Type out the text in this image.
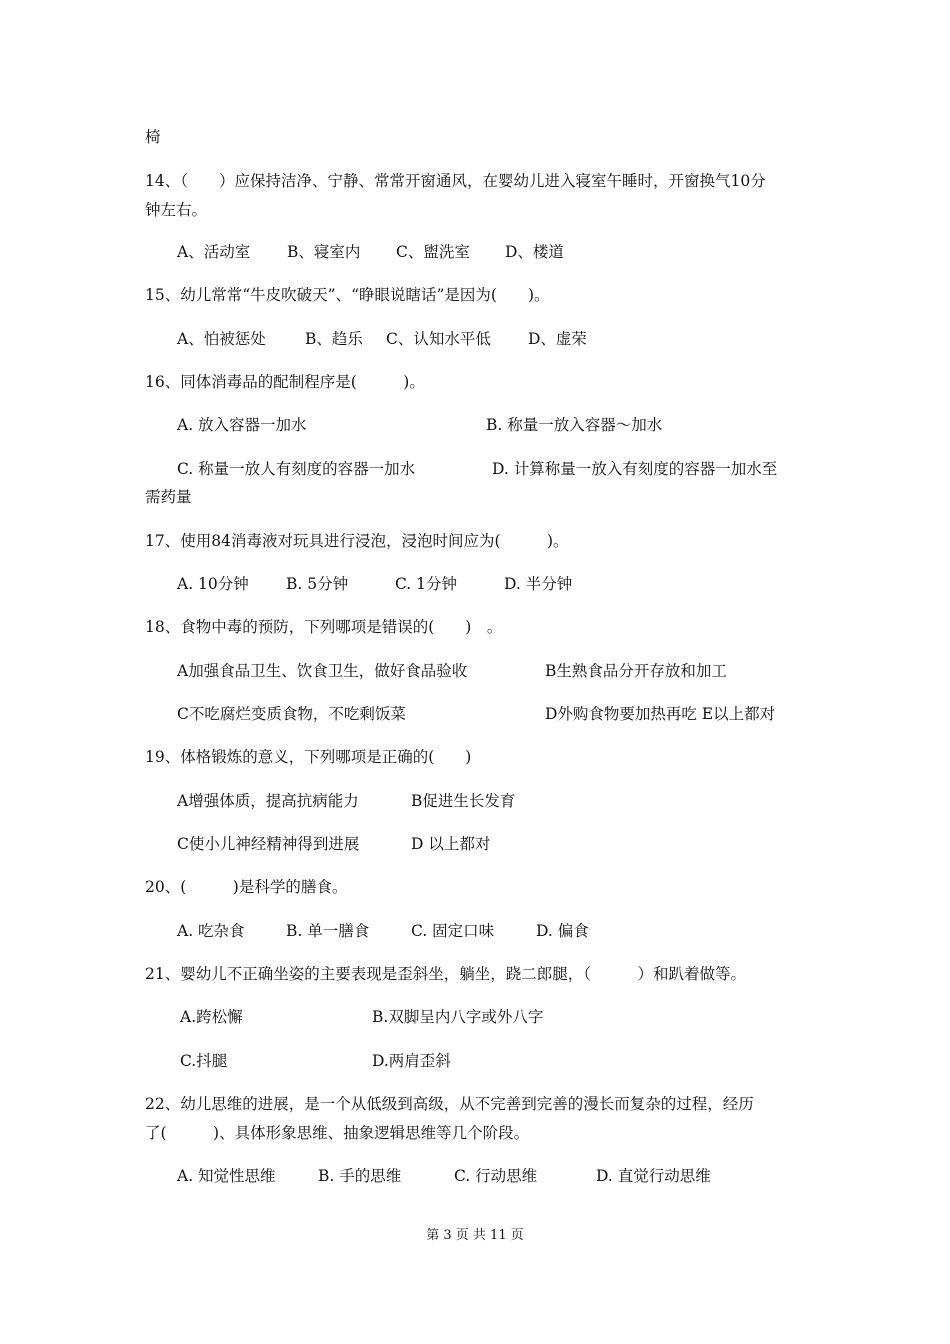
椅
14、（　　）应保持洁净、宁静、常常开窗通风，在婴幼儿进入寝室午睡时，开窗换气10分
钟左右。
A、活动室 B、寝室内 C、盥洗室 D、楼道
15、幼儿常常“牛皮吹破天”、“睁眼说瞎话”是因为(　　)。
A、怕被惩处	B、趋乐 C、认知水平低 D、虚荣
16、同体消毒品的配制程序是(　　　)。
A. 放入容器一加水	B. 称量一放入容器～加水
C. 称量一放人有刻度的容器一加水	D. 计算称量一放入有刻度的容器一加水至
需药量
17、使用84消毒液对玩具进行浸泡，浸泡时间应为(　　　)。
A. 10分钟 B. 5分钟	C. 1分钟	D. 半分钟
18、食物中毒的预防，下列哪项是错误的(　　)　。
A加强食品卫生、饮食卫生，做好食品验收	B生熟食品分开存放和加工
C不吃腐烂变质食物，不吃剩饭菜	D外购食物要加热再吃 E以上都对
19、体格锻炼的意义，下列哪项是正确的(　　)
A增强体质，提高抗病能力	B促进生长发育
C使小儿神经精神得到进展	D 以上都对
20、(　　　)是科学的膳食。
A. 吃杂食	B. 单一膳食	C. 固定口味	D. 偏食
21、婴幼儿不正确坐姿的主要表现是歪斜坐，躺坐，跷二郎腿，（　　　）和趴着做等。
A.跨松懈	B.双脚呈内八字或外八字
C.抖腿	D.两肩歪斜
22、幼儿思维的进展，是一个从低级到高级，从不完善到完善的漫长而复杂的过程，经历
了(　　　)、具体形象思维、抽象逻辑思维等几个阶段。
A. 知觉性思维	B. 手的思维	C. 行动思维	D. 直觉行动思维
第 3 页 共 11 页
